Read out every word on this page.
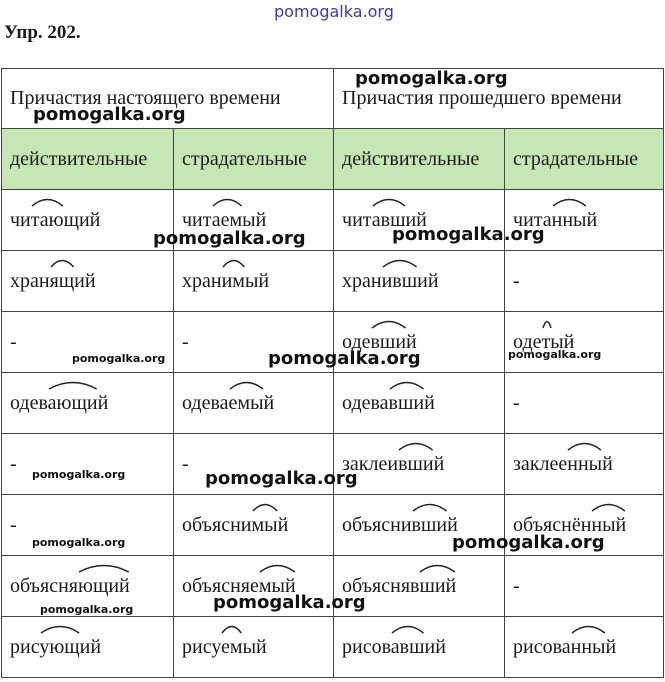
pomogalka.org
Упр. 202.
Причастия настоящего времени		Причастия прошедшего времени	
действительные	страдательные	действительные	страдательные
читающий	читаемый	читавший	читанный

хранящий	хранимый	хранивший	-
-	-	одевший	одетый

одевающий	одеваемый	одевавший	-
-	-	заклеивший	заклеенный

-	объяснимый	объяснивший	объяснённый

объясняющий	объясняемый	объяснявший	-
рисующий	рисуемый	рисовавший	рисованный
pomogalka.org
pomogalka.org
pomogalka.org	pomogalka.org
pomogalka.org	pomogalka.org	pomogalka.org
pomogalka.org	pomogalka.org
pomogalka.org	pomogalka.org
pomogalka.org
pomogalka.org
